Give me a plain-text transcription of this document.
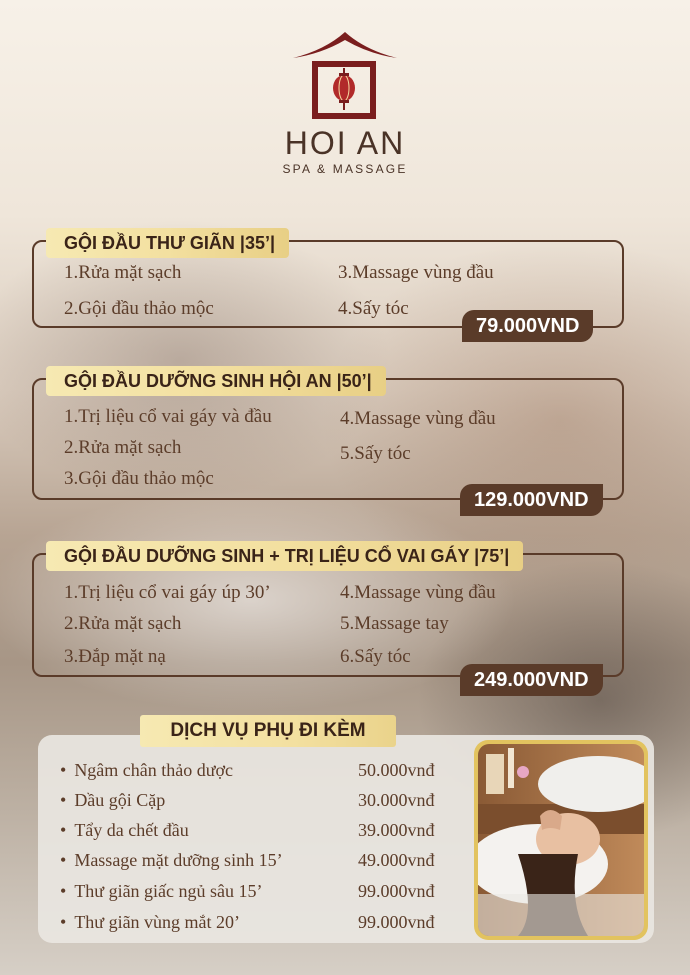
HOI AN
SPA & MASSAGE
GỘI ĐẦU THƯ GIÃN |35’|
1.Rửa mặt sạch
2.Gội đầu thảo mộc
3.Massage vùng đầu
4.Sấy tóc
79.000VND
GỘI ĐẦU DƯỠNG SINH HỘI AN |50’|
1.Trị liệu cổ vai gáy và đầu
2.Rửa mặt sạch
3.Gội đầu thảo mộc
4.Massage vùng đầu
5.Sấy tóc
129.000VND
GỘI ĐẦU DƯỠNG SINH + TRỊ LIỆU CỔ VAI GÁY |75’|
1.Trị liệu cổ vai gáy úp 30’
2.Rửa mặt sạch
3.Đắp mặt nạ
4.Massage vùng đầu
5.Massage tay
6.Sấy tóc
249.000VND
DỊCH VỤ PHỤ ĐI KÈM
• Ngâm chân thảo dược	50.000vnđ
• Dầu gội Cặp	30.000vnđ
• Tẩy da chết đầu	39.000vnđ
• Massage mặt dưỡng sinh 15’	49.000vnđ
• Thư giãn giấc ngủ sâu 15’	99.000vnđ
• Thư giãn vùng mắt 20’	99.000vnđ
